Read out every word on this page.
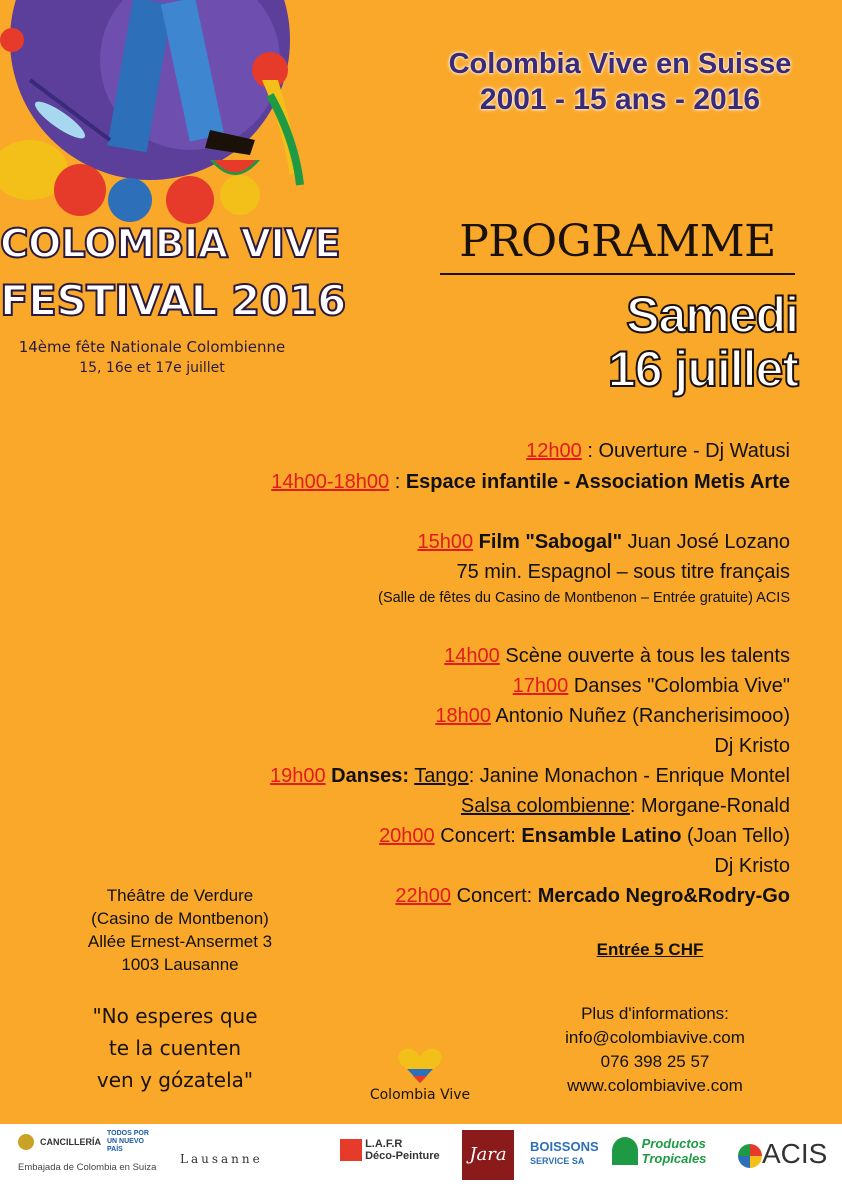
COLOMBIA VIVE
FESTIVAL 2016
14ème fête Nationale Colombienne
15, 16e et 17e juillet
Colombia Vive en Suisse
2001 - 15 ans - 2016
PROGRAMME
Samedi
16 juillet
12h00 : Ouverture - Dj Watusi
14h00-18h00 : Espace infantile - Association Metis Arte
15h00 Film "Sabogal" Juan José Lozano
75 min. Espagnol – sous titre français
(Salle de fêtes du Casino de Montbenon – Entrée gratuite) ACIS
14h00 Scène ouverte à tous les talents
17h00 Danses "Colombia Vive"
18h00 Antonio Nuñez (Rancherisimooo)
Dj Kristo
19h00 Danses: Tango: Janine Monachon - Enrique Montel
Salsa colombienne: Morgane-Ronald
20h00 Concert: Ensamble Latino (Joan Tello)
Dj Kristo
22h00 Concert: Mercado Negro&Rodry-Go
Théâtre de Verdure
(Casino de Montbenon)
Allée Ernest-Ansermet 3
1003 Lausanne
"No esperes que
te la cuenten
ven y gózatela"
Entrée 5 CHF
Plus d'informations:
info@colombiavive.com
076 398 25 57
www.colombiavive.com
Colombia Vive
CANCILLERÍA
TODOS POR UN NUEVO PAÍS
Embajada de Colombia en Suiza
Lausanne
L.A.F.R
Déco-Peinture	Jara	BOISSONS
SERVICE SA
Productos
Tropicales	ACIS
